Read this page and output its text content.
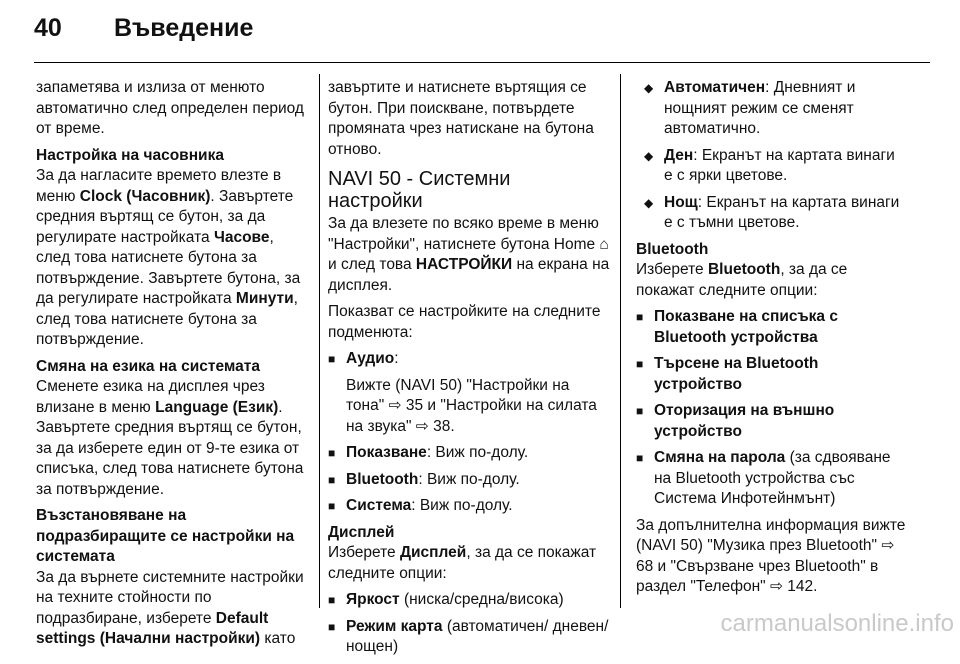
40	Въведение

запаметява и излиза от менюто автоматично след определен период от време.

Настройка на часовника

За да нагласите времето влезте в меню Clock (Часовник). Завъртете средния въртящ се бутон, за да регулирате настройката Часове, след това натиснете бутона за потвърждение. Завъртете бутона, за да регулирате настройката Минути, след това натиснете бутона за потвърждение.

Смяна на езика на системата

Сменете езика на дисплея чрез влизане в меню Language (Език). Завъртете средния въртящ се бутон, за да изберете един от 9-те езика от списъка, след това натиснете бутона за потвърждение.

Възстановяване на подразбиращите се настройки на системата

За да върнете системните настройки на техните стойности по подразбиране, изберете Default settings (Начални настройки) като

завъртите и натиснете въртящия се бутон. При поискване, потвърдете промяната чрез натискане на бутона отново.

NAVI 50 - Системни настройки

За да влезете по всяко време в меню "Настройки", натиснете бутона Home ⌂ и след това НАСТРОЙКИ на екрана на дисплея.

Показват се настройките на следните подменюта:

■ Аудио:
Вижте (NAVI 50) "Настройки на тона" ⇨ 35 и "Настройки на силата на звука" ⇨ 38.
■ Показване: Виж по-долу.
■ Bluetooth: Виж по-долу.
■ Система: Виж по-долу.
Дисплей

Изберете Дисплей, за да се покажат следните опции:

■ Яркост (ниска/средна/висока)
■ Режим карта (автоматичен/ дневен/нощен)
◆ Автоматичен: Дневният и нощният режим се сменят автоматично.
◆ Ден: Екранът на картата винаги е с ярки цветове.
◆ Нощ: Екранът на картата винаги е с тъмни цветове.
Bluetooth

Изберете Bluetooth, за да се покажат следните опции:

■ Показване на списъка с Bluetooth устройства
■ Търсене на Bluetooth устройство
■ Оторизация на външно устройство
■ Смяна на парола (за сдвояване на Bluetooth устройства със Система Инфотейнмънт)

За допълнителна информация вижте (NAVI 50) "Музика през Bluetooth" ⇨ 68 и "Свързване чрез Bluetooth" в раздел "Телефон" ⇨ 142.

carmanualsonline.info
